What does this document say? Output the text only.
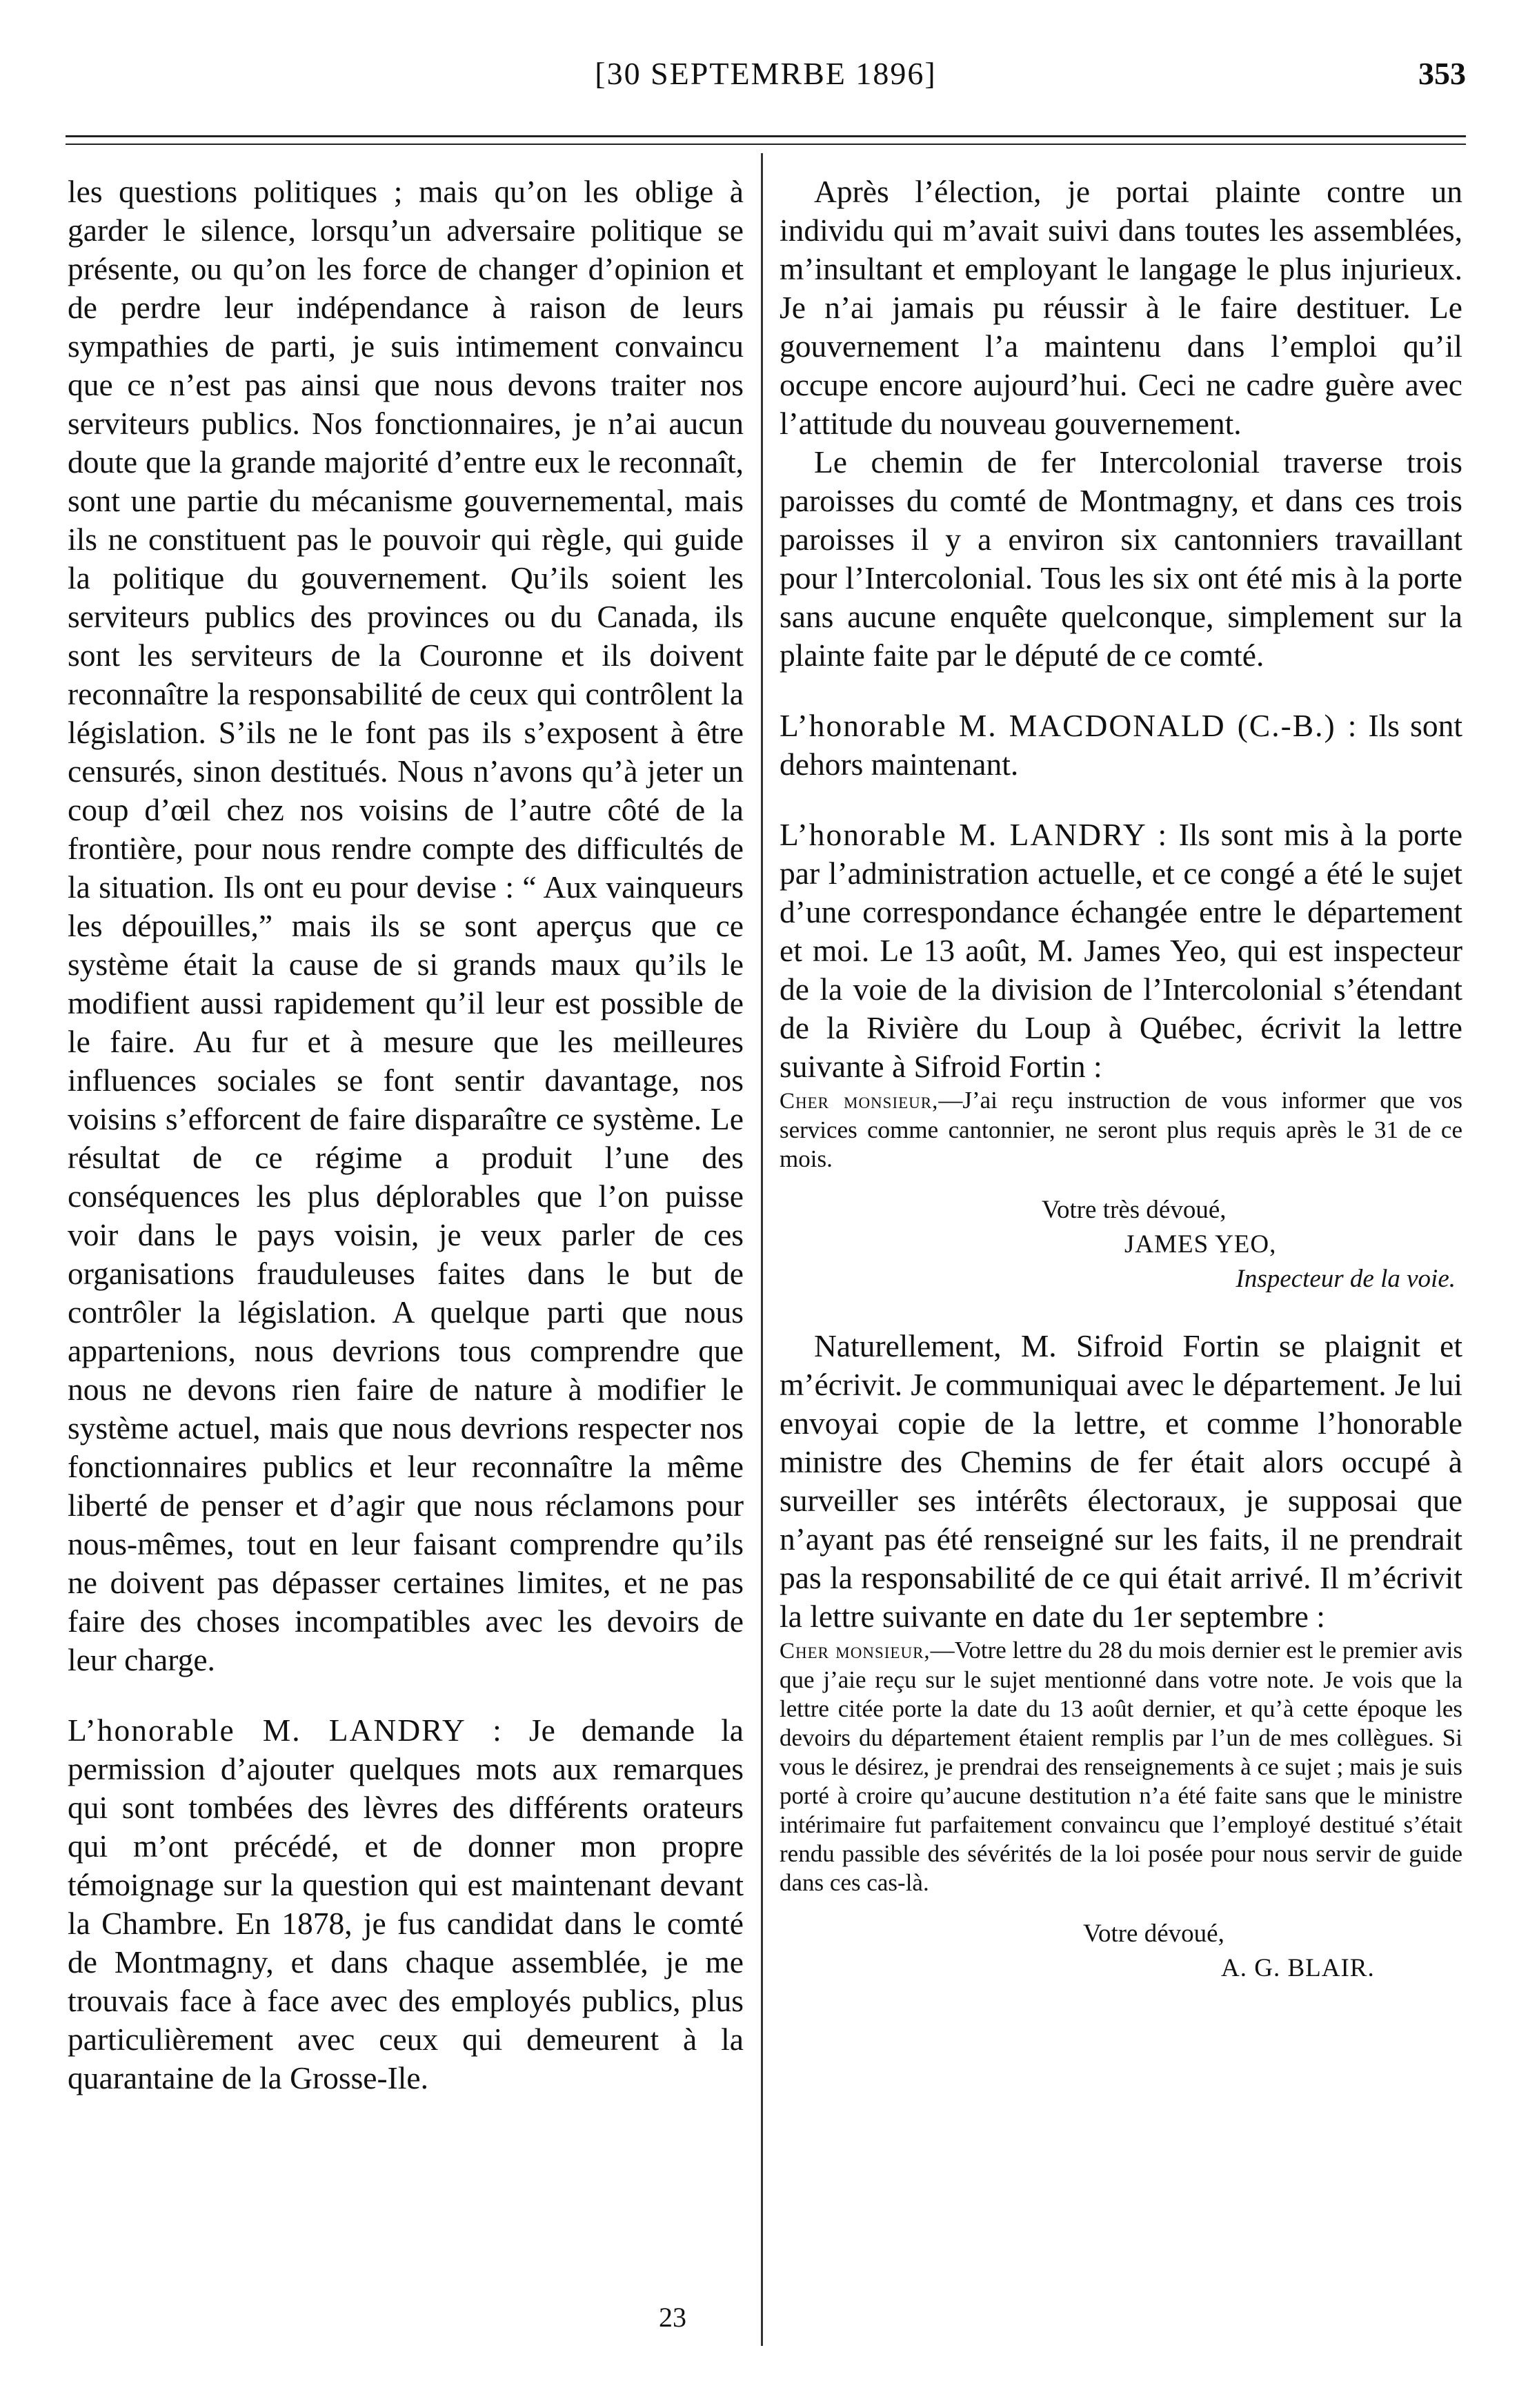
[30 SEPTEMRBE 1896]	353

les questions politiques ; mais qu’on les oblige à garder le silence, lorsqu’un adversaire politique se présente, ou qu’on les force de changer d’opinion et de perdre leur indépendance à raison de leurs sympathies de parti, je suis intimement convaincu que ce n’est pas ainsi que nous devons traiter nos serviteurs publics. Nos fonctionnaires, je n’ai aucun doute que la grande majorité d’entre eux le reconnaît, sont une partie du mécanisme gouvernemental, mais ils ne constituent pas le pouvoir qui règle, qui guide la politique du gouvernement. Qu’ils soient les serviteurs publics des provinces ou du Canada, ils sont les serviteurs de la Couronne et ils doivent reconnaître la responsabilité de ceux qui contrôlent la législation. S’ils ne le font pas ils s’exposent à être censurés, sinon destitués. Nous n’avons qu’à jeter un coup d’œil chez nos voisins de l’autre côté de la frontière, pour nous rendre compte des difficultés de la situation. Ils ont eu pour devise : “ Aux vainqueurs les dépouilles,” mais ils se sont aperçus que ce système était la cause de si grands maux qu’ils le modifient aussi rapidement qu’il leur est possible de le faire. Au fur et à mesure que les meilleures influences sociales se font sentir davantage, nos voisins s’efforcent de faire disparaître ce système. Le résultat de ce régime a produit l’une des conséquences les plus déplorables que l’on puisse voir dans le pays voisin, je veux parler de ces organisations frauduleuses faites dans le but de contrôler la législation. A quelque parti que nous appartenions, nous devrions tous comprendre que nous ne devons rien faire de nature à modifier le système actuel, mais que nous devrions respecter nos fonctionnaires publics et leur reconnaître la même liberté de penser et d’agir que nous réclamons pour nous-mêmes, tout en leur faisant comprendre qu’ils ne doivent pas dépasser certaines limites, et ne pas faire des choses incompatibles avec les devoirs de leur charge.

L’honorable M. LANDRY : Je demande la permission d’ajouter quelques mots aux remarques qui sont tombées des lèvres des différents orateurs qui m’ont précédé, et de donner mon propre témoignage sur la question qui est maintenant devant la Chambre. En 1878, je fus candidat dans le comté de Montmagny, et dans chaque assemblée, je me trouvais face à face avec des employés publics, plus particulièrement avec ceux qui demeurent à la quarantaine de la Grosse-Ile.

Après l’élection, je portai plainte contre un individu qui m’avait suivi dans toutes les assemblées, m’insultant et employant le langage le plus injurieux. Je n’ai jamais pu réussir à le faire destituer. Le gouvernement l’a maintenu dans l’emploi qu’il occupe encore aujourd’hui. Ceci ne cadre guère avec l’attitude du nouveau gouvernement.

Le chemin de fer Intercolonial traverse trois paroisses du comté de Montmagny, et dans ces trois paroisses il y a environ six cantonniers travaillant pour l’Intercolonial. Tous les six ont été mis à la porte sans aucune enquête quelconque, simplement sur la plainte faite par le député de ce comté.

L’honorable M. MACDONALD (C.-B.) : Ils sont dehors maintenant.

L’honorable M. LANDRY : Ils sont mis à la porte par l’administration actuelle, et ce congé a été le sujet d’une correspondance échangée entre le département et moi. Le 13 août, M. James Yeo, qui est inspecteur de la voie de la division de l’Intercolonial s’étendant de la Rivière du Loup à Québec, écrivit la lettre suivante à Sifroid Fortin :

Cher monsieur,—J’ai reçu instruction de vous informer que vos services comme cantonnier, ne seront plus requis après le 31 de ce mois.

Votre très dévoué,

JAMES YEO,

Inspecteur de la voie.

Naturellement, M. Sifroid Fortin se plaignit et m’écrivit. Je communiquai avec le département. Je lui envoyai copie de la lettre, et comme l’honorable ministre des Chemins de fer était alors occupé à surveiller ses intérêts électoraux, je supposai que n’ayant pas été renseigné sur les faits, il ne prendrait pas la responsabilité de ce qui était arrivé. Il m’écrivit la lettre suivante en date du 1er septembre :

Cher monsieur,—Votre lettre du 28 du mois dernier est le premier avis que j’aie reçu sur le sujet mentionné dans votre note. Je vois que la lettre citée porte la date du 13 août dernier, et qu’à cette époque les devoirs du département étaient remplis par l’un de mes collègues. Si vous le désirez, je prendrai des renseignements à ce sujet ; mais je suis porté à croire qu’aucune destitution n’a été faite sans que le ministre intérimaire fut parfaitement convaincu que l’employé destitué s’était rendu passible des sévérités de la loi posée pour nous servir de guide dans ces cas-là.

Votre dévoué,

A. G. BLAIR.

23
